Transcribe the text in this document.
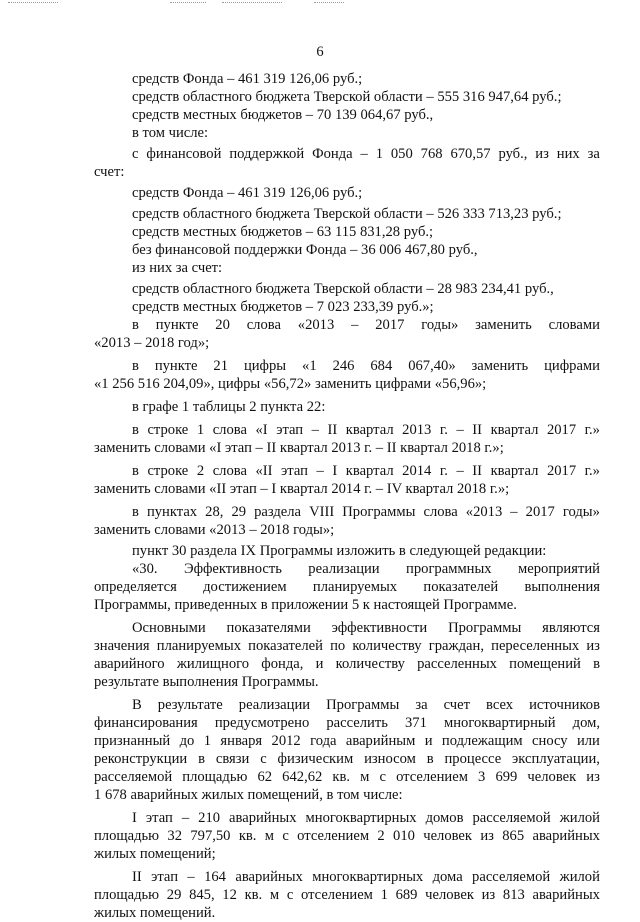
6
средств Фонда – 461 319 126,06 руб.;
средств областного бюджета Тверской области – 555 316 947,64 руб.;
средств местных бюджетов – 70 139 064,67 руб.,
в том числе:
с финансовой поддержкой Фонда – 1 050 768 670,57 руб., из них за
счет:
средств Фонда – 461 319 126,06 руб.;
средств областного бюджета Тверской области – 526 333 713,23 руб.;
средств местных бюджетов – 63 115 831,28 руб.;
без финансовой поддержки Фонда – 36 006 467,80 руб.,
из них за счет:
средств областного бюджета Тверской области – 28 983 234,41 руб.,
средств местных бюджетов – 7 023 233,39 руб.»;
в пункте 20 слова «2013 – 2017 годы» заменить словами
«2013 – 2018 год»;
в пункте 21 цифры «1 246 684 067,40» заменить цифрами
«1 256 516 204,09», цифры «56,72» заменить цифрами «56,96»;
в графе 1 таблицы 2 пункта 22:
в строке 1 слова «I этап – II квартал 2013 г. – II квартал 2017 г.»
заменить словами «I этап – II квартал 2013 г. – II квартал 2018 г.»;
в строке 2 слова «II этап – I квартал 2014 г. – II квартал 2017 г.»
заменить словами «II этап – I квартал 2014 г. – IV квартал 2018 г.»;
в пунктах 28, 29 раздела VIII Программы слова «2013 – 2017 годы»
заменить словами «2013 – 2018 годы»;
пункт 30 раздела IX Программы изложить в следующей редакции:
«30. Эффективность реализации программных мероприятий
определяется достижением планируемых показателей выполнения
Программы, приведенных в приложении 5 к настоящей Программе.
Основными показателями эффективности Программы являются
значения планируемых показателей по количеству граждан, переселенных из
аварийного жилищного фонда, и количеству расселенных помещений в
результате выполнения Программы.
В результате реализации Программы за счет всех источников
финансирования предусмотрено расселить 371 многоквартирный дом,
признанный до 1 января 2012 года аварийным и подлежащим сносу или
реконструкции в связи с физическим износом в процессе эксплуатации,
расселяемой площадью 62 642,62 кв. м с отселением 3 699 человек из
1 678 аварийных жилых помещений, в том числе:
I этап – 210 аварийных многоквартирных домов расселяемой жилой
площадью 32 797,50 кв. м с отселением 2 010 человек из 865 аварийных
жилых помещений;
II этап – 164 аварийных многоквартирных дома расселяемой жилой
площадью 29 845, 12 кв. м с отселением 1 689 человек из 813 аварийных
жилых помещений.
